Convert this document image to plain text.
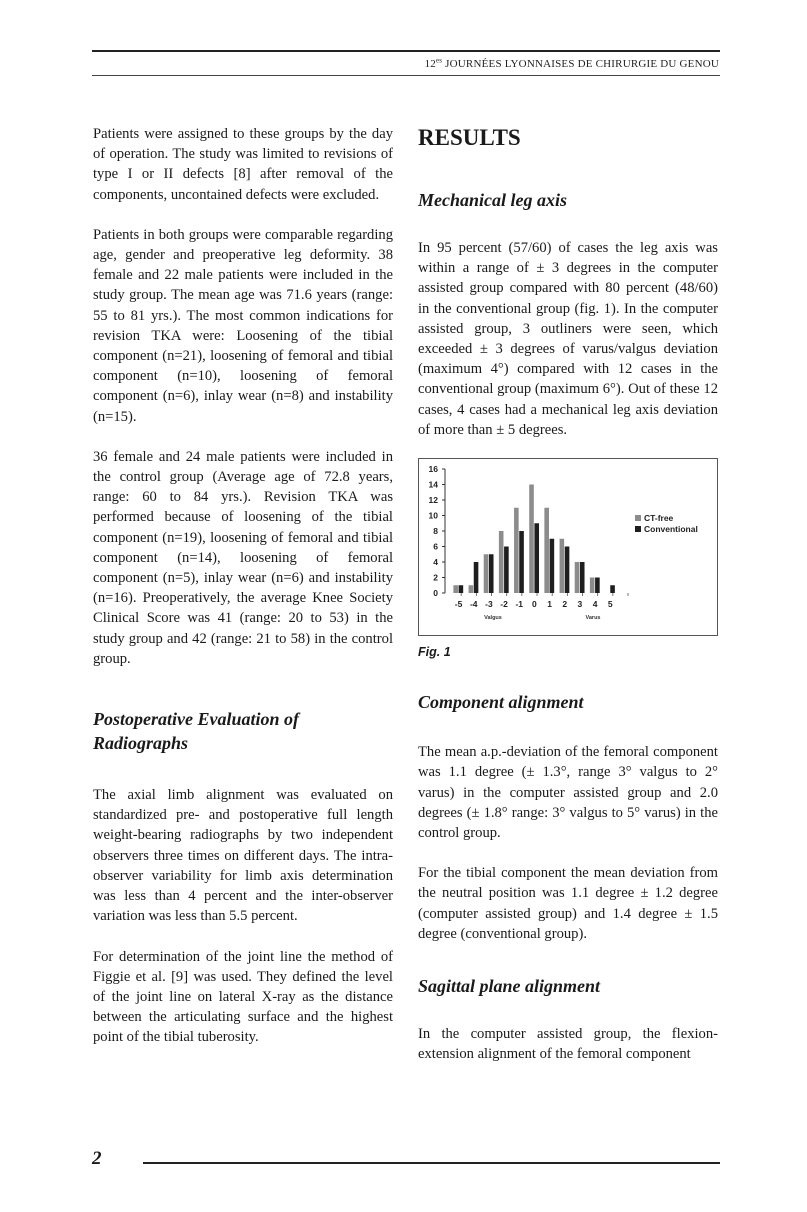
$12^{es}$ JOURNÉES LYONNAISES DE CHIRURGIE DU GENOU

Patients were assigned to these groups by the day of operation. The study was limited to revisions of type I or II defects [8] after removal of the components, uncontained defects were excluded.

Patients in both groups were comparable regarding age, gender and preoperative leg deformity. 38 female and 22 male patients were included in the study group. The mean age was 71.6 years (range: 55 to 81 yrs.). The most common indications for revision TKA were: Loosening of the tibial component (n=21), loosening of femoral and tibial component (n=10), loosening of femoral component (n=6), inlay wear (n=8) and instability (n=15).

36 female and 24 male patients were included in the control group (Average age of 72.8 years, range: 60 to 84 yrs.). Revision TKA was performed because of loosening of the tibial component (n=19), loosening of femoral and tibial component (n=14), loosening of femoral component (n=5), inlay wear (n=6) and instability (n=16). Preoperatively, the average Knee Society Clinical Score was 41 (range: 20 to 53) in the study group and 42 (range: 21 to 58) in the control group.

Postoperative Evaluation of Radiographs

The axial limb alignment was evaluated on standardized pre- and postoperative full length weight-bearing radiographs by two independent observers three times on different days. The intra-observer variability for limb axis determination was less than 4 percent and the inter-observer variation was less than 5.5 percent.

For determination of the joint line the method of Figgie et al. [9] was used. They defined the level of the joint line on lateral X-ray as the distance between the articulating surface and the highest point of the tibial tuberosity.

RESULTS
Mechanical leg axis

In 95 percent (57/60) of cases the leg axis was within a range of ± 3 degrees in the computer assisted group compared with 80 percent (48/60) in the conventional group (fig. 1). In the computer assisted group, 3 outliners were seen, which exceeded ± 3 degrees of varus/valgus deviation (maximum 4°) compared with 12 cases in the conventional group (maximum 6°). Out of these 12 cases, 4 cases had a mechanical leg axis deviation of more than ± 5 degrees.

16
14
12
10
8
6
4
2
0
-5 -4 -3 -2 -1 0 1 2 3 4 5
Valgus	Varus
CT-free
Conventional

Fig. 1

Component alignment

The mean a.p.-deviation of the femoral component was 1.1 degree (± 1.3°, range 3° valgus to 2° varus) in the computer assisted group and 2.0 degrees (± 1.8° range: 3° valgus to 5° varus) in the control group.

For the tibial component the mean deviation from the neutral position was 1.1 degree ± 1.2 degree (computer assisted group) and 1.4 degree ± 1.5 degree (conventional group).

Sagittal plane alignment

In the computer assisted group, the flexion-extension alignment of the femoral component

2
